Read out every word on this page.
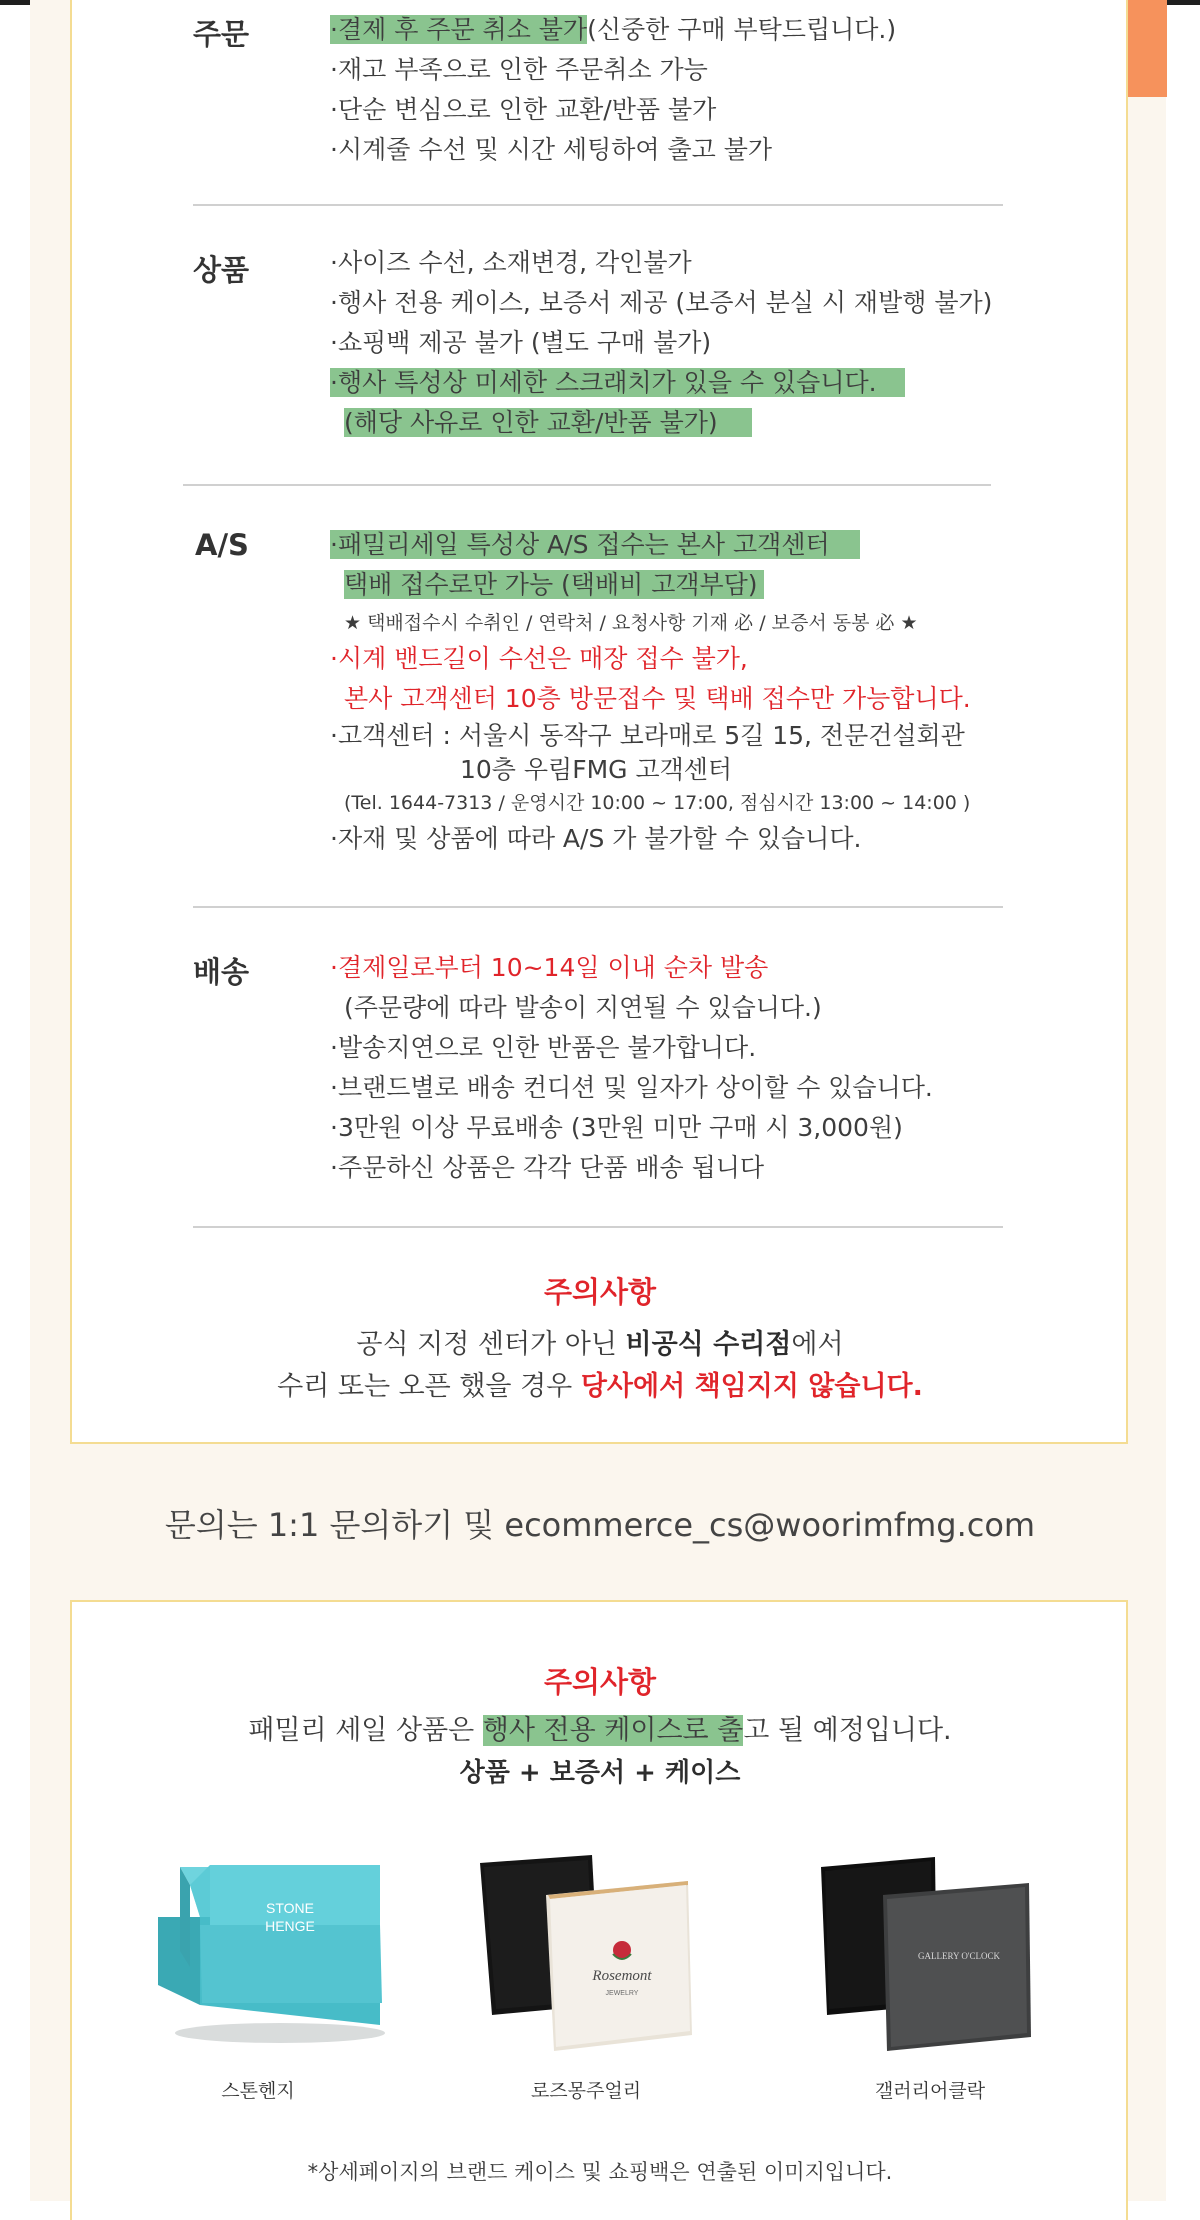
주문	·결제 후 주문 취소 불가(신중한 구매 부탁드립니다.)
·재고 부족으로 인한 주문취소 가능
·단순 변심으로 인한 교환/반품 불가
·시계줄 수선 및 시간 세팅하여 출고 불가
상품	·사이즈 수선, 소재변경, 각인불가
·행사 전용 케이스, 보증서 제공 (보증서 분실 시 재발행 불가)
·쇼핑백 제공 불가 (별도 구매 불가)
·행사 특성상 미세한 스크래치가 있을 수 있습니다.
(해당 사유로 인한 교환/반품 불가)
A/S	·패밀리세일 특성상 A/S 접수는 본사 고객센터
택배 접수로만 가능 (택배비 고객부담)
★ 택배접수시 수취인 / 연락처 / 요청사항 기재 必 / 보증서 동봉 必 ★
·시계 밴드길이 수선은 매장 접수 불가,
본사 고객센터 10층 방문접수 및 택배 접수만 가능합니다.
·고객센터 : 서울시 동작구 보라매로 5길 15, 전문건설회관
10층 우림FMG 고객센터
(Tel. 1644-7313 / 운영시간 10:00 ~ 17:00, 점심시간 13:00 ~ 14:00 )
·자재 및 상품에 따라 A/S 가 불가할 수 있습니다.
배송	·결제일로부터 10~14일 이내 순차 발송
(주문량에 따라 발송이 지연될 수 있습니다.)
·발송지연으로 인한 반품은 불가합니다.
·브랜드별로 배송 컨디션 및 일자가 상이할 수 있습니다.
·3만원 이상 무료배송 (3만원 미만 구매 시 3,000원)
·주문하신 상품은 각각 단품 배송 됩니다
주의사항
공식 지정 센터가 아닌 비공식 수리점에서
수리 또는 오픈 했을 경우 당사에서 책임지지 않습니다.
문의는 1:1 문의하기 및 ecommerce_cs@woorimfmg.com
주의사항
패밀리 세일 상품은 행사 전용 케이스로 출고 될 예정입니다.
상품 + 보증서 + 케이스
STONE
HENGE
스톤헨지
Rosemont
JEWELRY
로즈몽주얼리
GALLERY O'CLOCK
갤러리어클락
*상세페이지의 브랜드 케이스 및 쇼핑백은 연출된 이미지입니다.
